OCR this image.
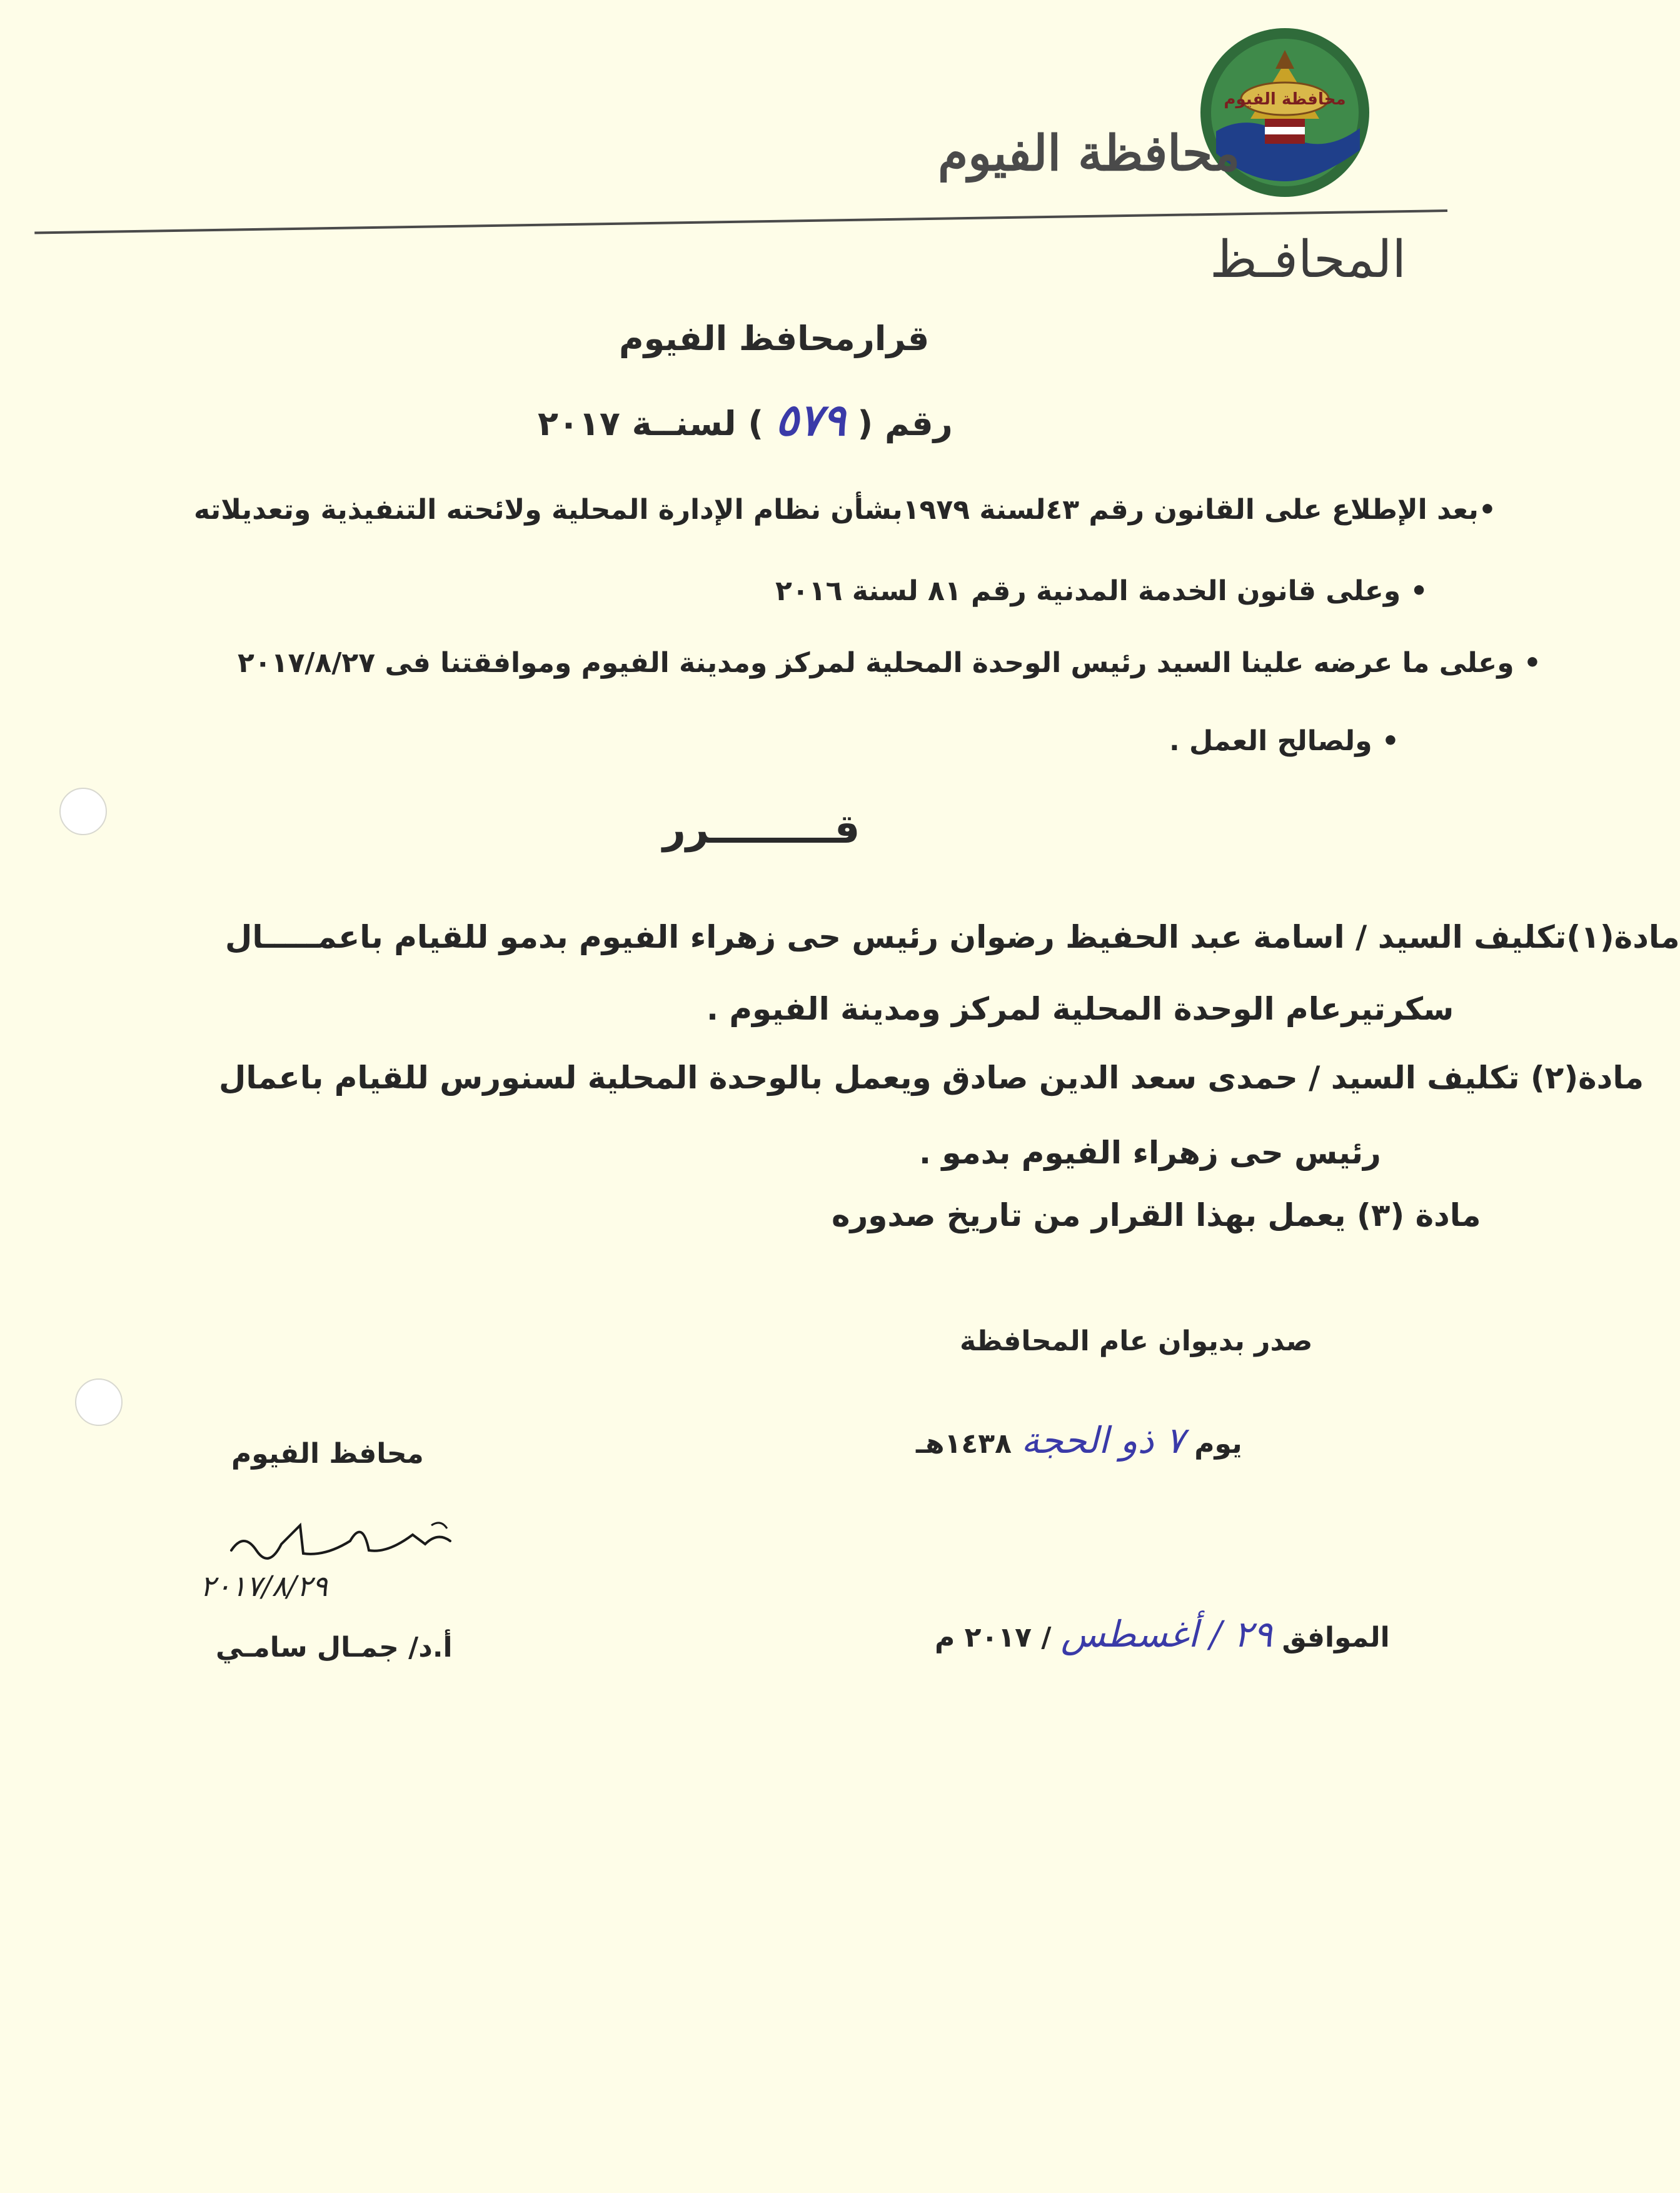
محافظة الفيوم
محافظة الفيوم
المحافـظ
قرارمحافظ الفيوم
رقم ( ٥٧٩ ) لسنــة ٢٠١٧
•بعد الإطلاع على القانون رقم ٤٣لسنة ١٩٧٩بشأن نظام الإدارة المحلية ولائحته التنفيذية وتعديلاته
• وعلى قانون الخدمة المدنية رقم ٨١ لسنة ٢٠١٦
• وعلى ما عرضه علينا السيد رئيس الوحدة المحلية لمركز ومدينة الفيوم وموافقتنا فى ٢٠١٧/٨/٢٧
• ولصالح العمل .
قـــــــــرر
مادة(١)تكليف السيد / اسامة عبد الحفيظ رضوان رئيس حى زهراء الفيوم بدمو للقيام باعمـــــال
سكرتيرعام الوحدة المحلية لمركز ومدينة الفيوم .
مادة(٢) تكليف السيد / حمدى سعد الدين صادق ويعمل بالوحدة المحلية لسنورس للقيام باعمال
رئيس حى زهراء الفيوم بدمو .
مادة (٣) يعمل بهذا القرار من تاريخ صدوره
صدر بديوان عام المحافظة
يوم ٧ ذو الحجة ١٤٣٨هـ
الموافق ٢٩ / أغسطس / ٢٠١٧ م
محافظ الفيوم
٢٠١٧/٨/٢٩
أ.د/ جمـال سامـي
